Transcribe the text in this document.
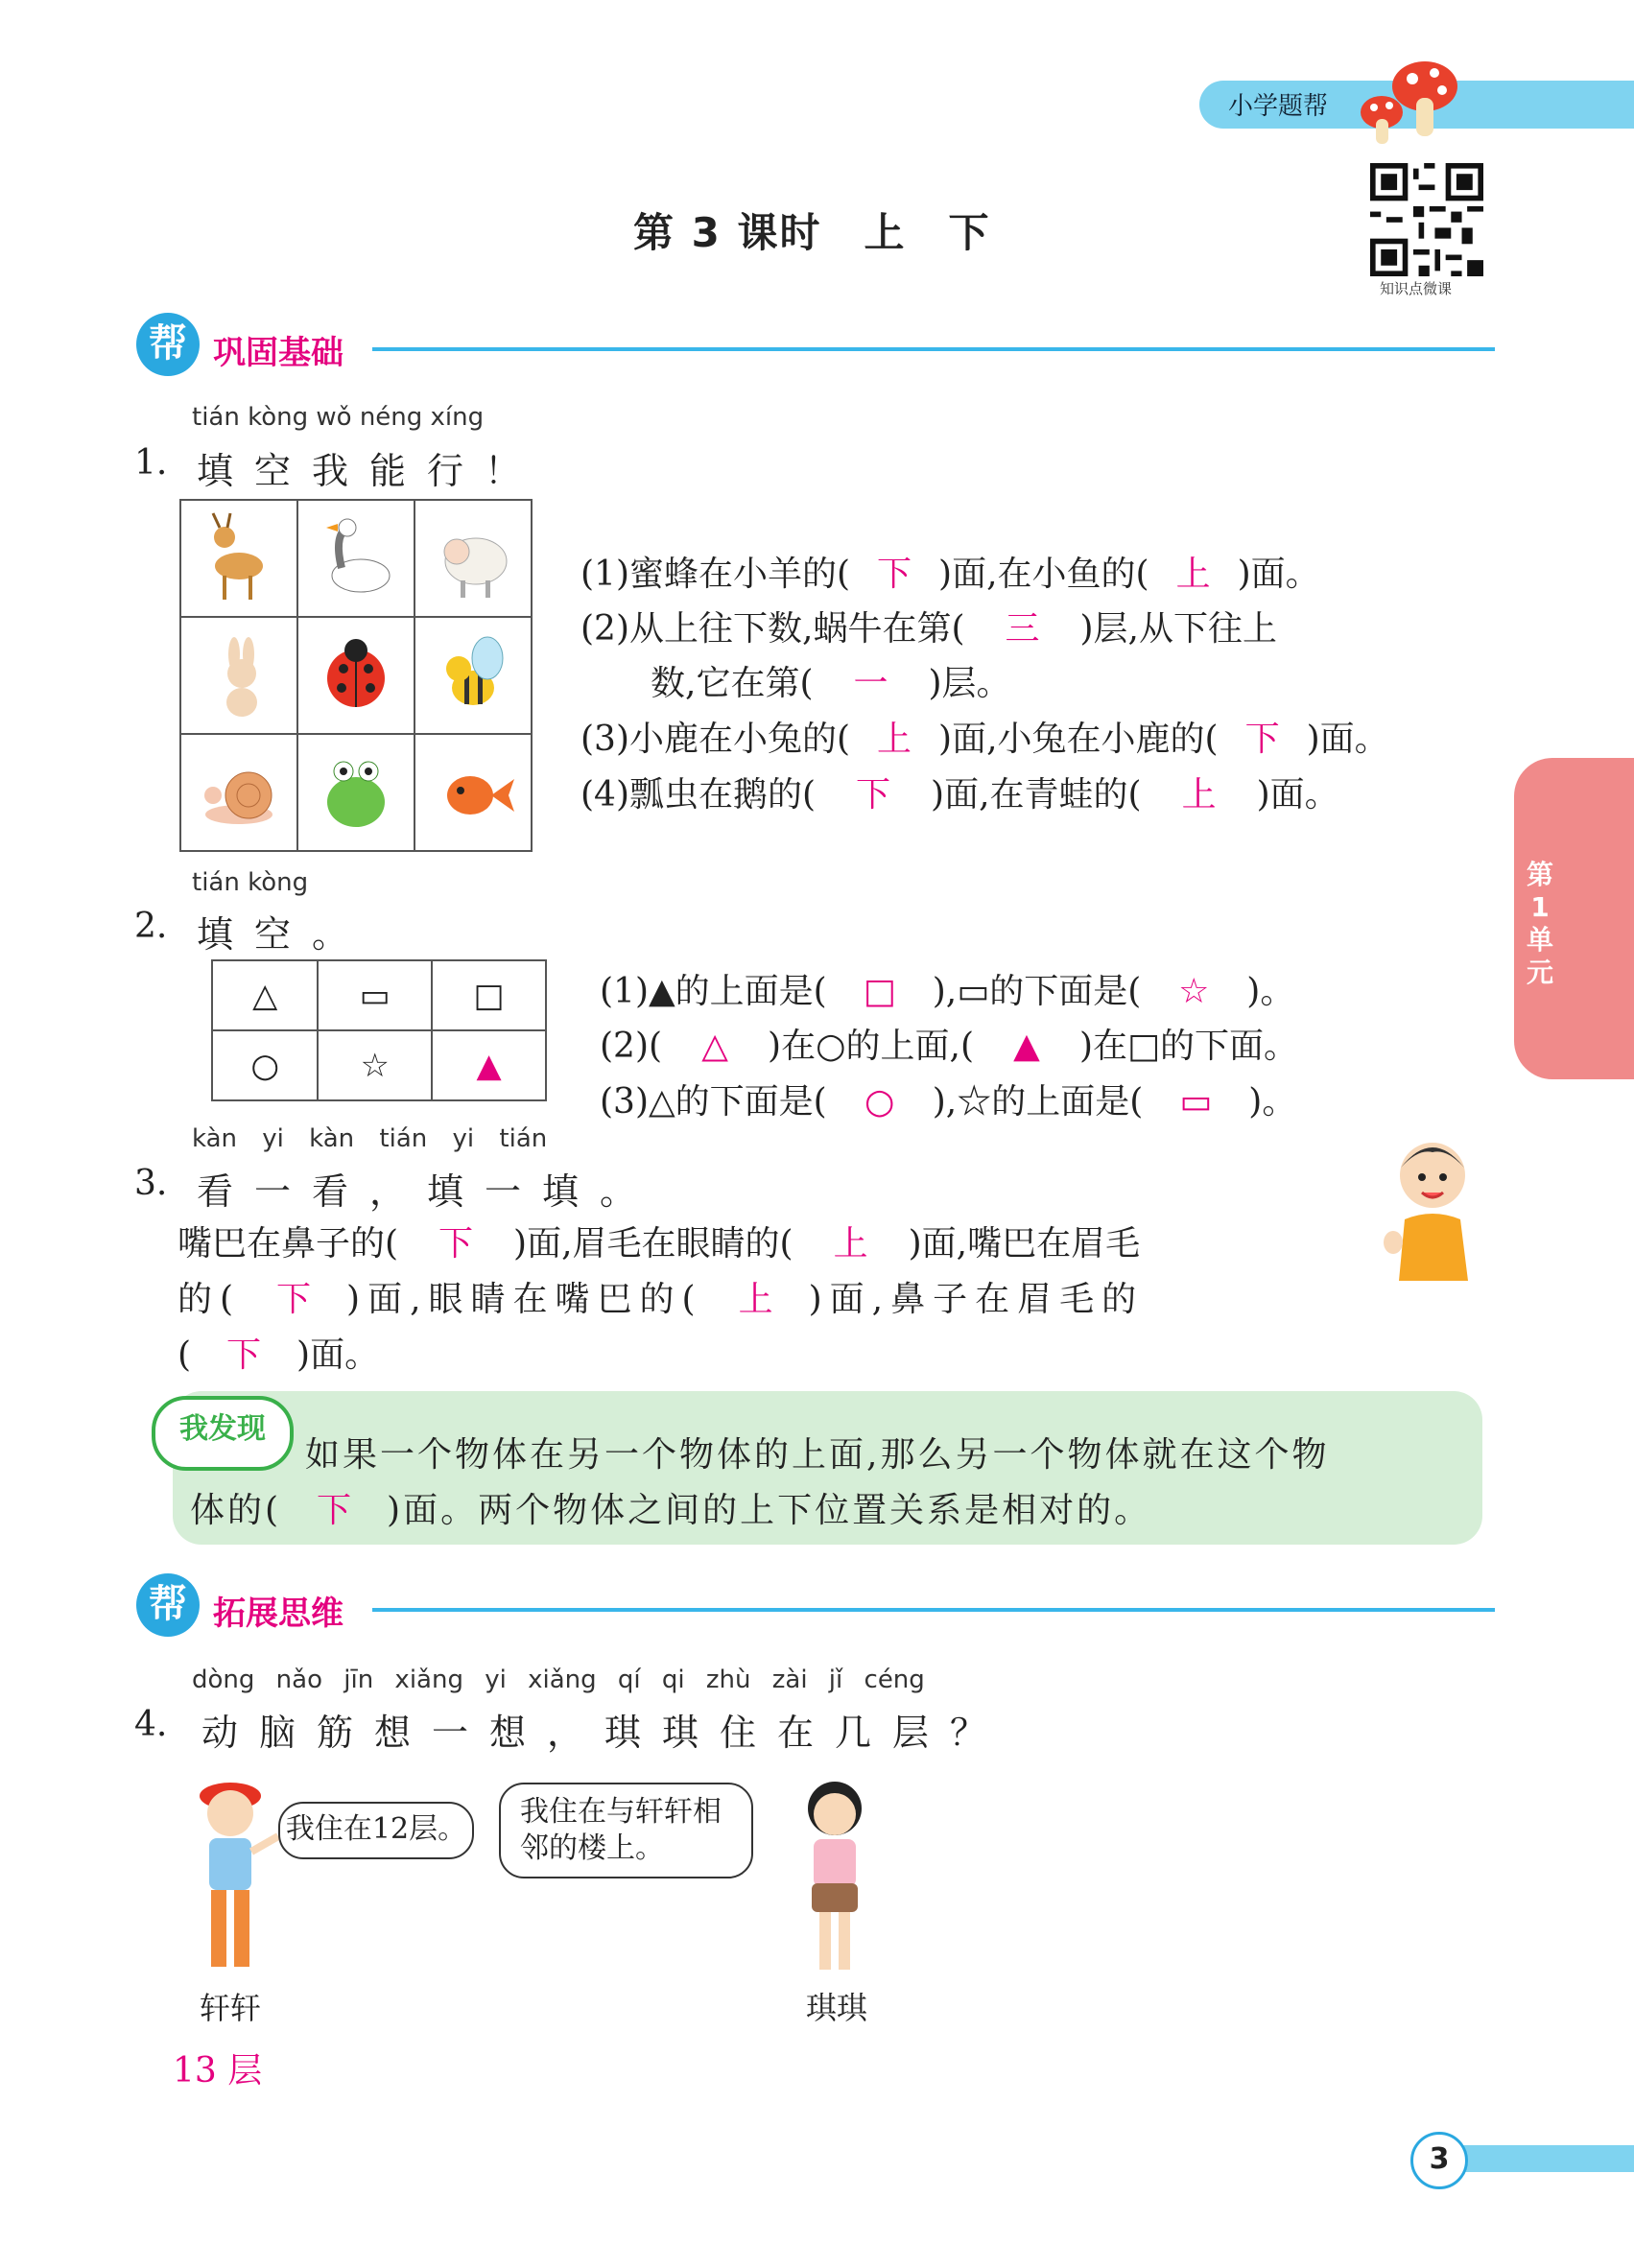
小学题帮
知识点微课
第 3 课时　上　下
帮 巩固基础
tián kòng wǒ néng xíng
1. 填空我能行！

(1)蜜蜂在小羊的( 下 )面,在小鱼的( 上 )面。
(2)从上往下数,蜗牛在第( 三 )层,从下往上
数,它在第( 一 )层。
(3)小鹿在小兔的( 上 )面,小兔在小鹿的( 下 )面。
(4)瓢虫在鹅的( 下 )面,在青蛙的( 上 )面。
第1单元
tián kòng
2. 填空。
△	▭	□
○	☆	▲
(1)▲的上面是( □ ),▭的下面是( ☆ )。
(2)( △ )在○的上面,( ▲ )在□的下面。
(3)△的下面是( ○ ),☆的上面是( ▭ )。
kàn yi kàn tián yi tián
3. 看一看，填一填。
嘴巴在鼻子的( 下 )面,眉毛在眼睛的( 上 )面,嘴巴在眉毛
的( 下 )面,眼睛在嘴巴的( 上 )面,鼻子在眉毛的
( 下 )面。
我发现
如果一个物体在另一个物体的上面,那么另一个物体就在这个物
体的( 下 )面。两个物体之间的上下位置关系是相对的。
帮 拓展思维
dòng nǎo jīn xiǎng yi xiǎng qí qi zhù zài jǐ céng
4. 动脑筋想一想，琪琪住在几层？
我住在12层。
我住在与轩轩相
邻的楼上。
轩轩	琪琪
13 层
3
